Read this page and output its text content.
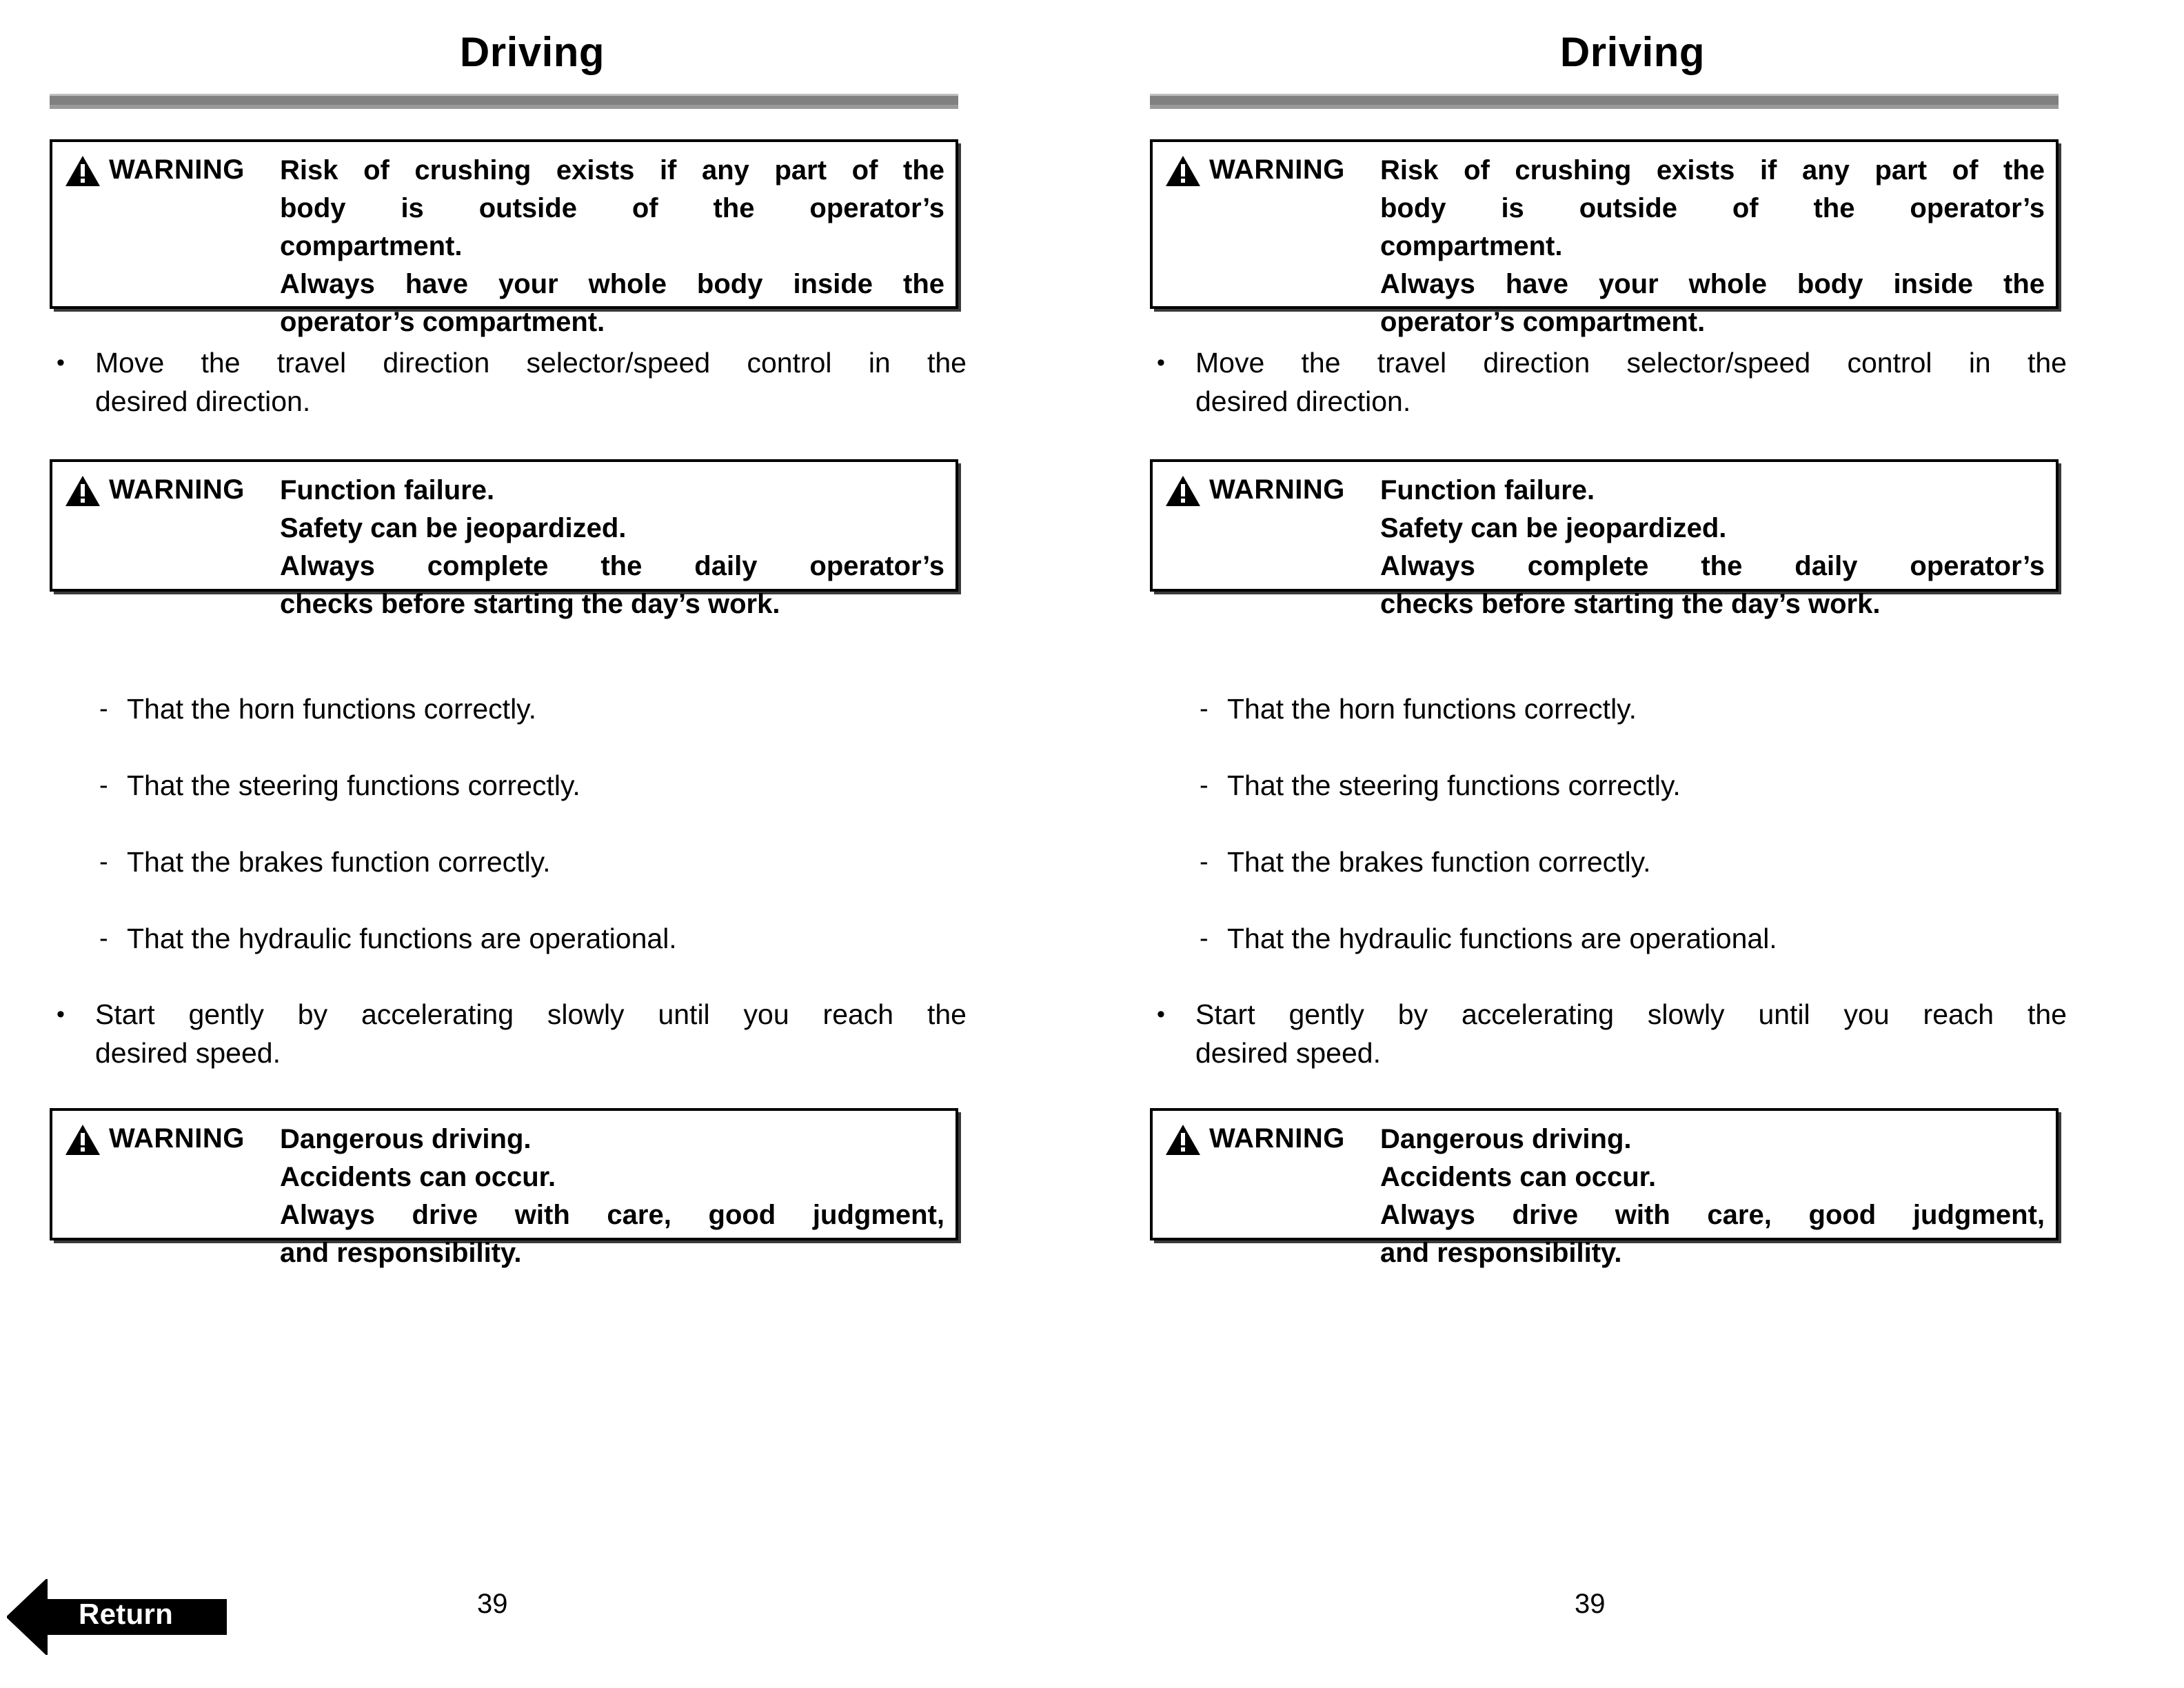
Driving
WARNING Risk of crushing exists if any part of the
body is outside of the operator’s
compartment.
Always have your whole body inside the
operator’s compartment.
•	Move the travel direction selector/speed control in the
desired direction.
WARNING Function failure.
Safety can be jeopardized.
Always complete the daily operator’s
checks before starting the day’s work.
- That the horn functions correctly.
- That the steering functions correctly.
- That the brakes function correctly.
- That the hydraulic functions are operational.
•	Start gently by accelerating slowly until you reach the
desired speed.
WARNING Dangerous driving.
Accidents can occur.
Always drive with care, good judgment,
and responsibility.
39
Return
Driving
WARNING Risk of crushing exists if any part of the
body is outside of the operator’s
compartment.
Always have your whole body inside the
operator’s compartment.
•	Move the travel direction selector/speed control in the
desired direction.
WARNING Function failure.
Safety can be jeopardized.
Always complete the daily operator’s
checks before starting the day’s work.
- That the horn functions correctly.
- That the steering functions correctly.
- That the brakes function correctly.
- That the hydraulic functions are operational.
•	Start gently by accelerating slowly until you reach the
desired speed.
WARNING Dangerous driving.
Accidents can occur.
Always drive with care, good judgment,
and responsibility.
39
